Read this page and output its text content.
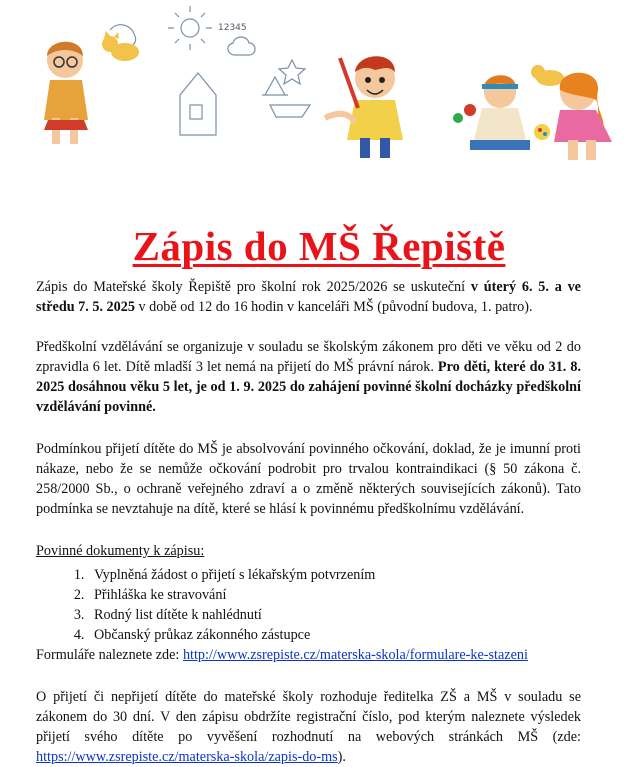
12345
Zápis do MŠ Řepiště

Zápis do Mateřské školy Řepiště pro školní rok 2025/2026 se uskuteční v úterý 6. 5. a ve středu 7. 5. 2025 v době od 12 do 16 hodin v kanceláři MŠ (původní budova, 1. patro).

Předškolní vzdělávání se organizuje v souladu se školským zákonem pro děti ve věku od 2 do zpravidla 6 let. Dítě mladší 3 let nemá na přijetí do MŠ právní nárok. Pro děti, které do 31. 8. 2025 dosáhnou věku 5 let, je od 1. 9. 2025 do zahájení povinné školní docházky předškolní vzdělávání povinné.

Podmínkou přijetí dítěte do MŠ je absolvování povinného očkování, doklad, že je imunní proti nákaze, nebo že se nemůže očkování podrobit pro trvalou kontraindikaci (§ 50 zákona č. 258/2000 Sb., o ochraně veřejného zdraví a o změně některých souvisejících zákonů). Tato podmínka se nevztahuje na dítě, které se hlásí k povinnému předškolnímu vzdělávání.

Povinné dokumenty k zápisu:

1. Vyplněná žádost o přijetí s lékařským potvrzením
2. Přihláška ke stravování
3. Rodný list dítěte k nahlédnutí
4. Občanský průkaz zákonného zástupce

Formuláře naleznete zde: http://www.zsrepiste.cz/materska-skola/formulare-ke-stazeni

O přijetí či nepřijetí dítěte do mateřské školy rozhoduje ředitelka ZŠ a MŠ v souladu se zákonem do 30 dní. V den zápisu obdržíte registrační číslo, pod kterým naleznete výsledek přijetí svého dítěte po vyvěšení rozhodnutí na webových stránkách MŠ (zde: https://www.zsrepiste.cz/materska-skola/zapis-do-ms).
